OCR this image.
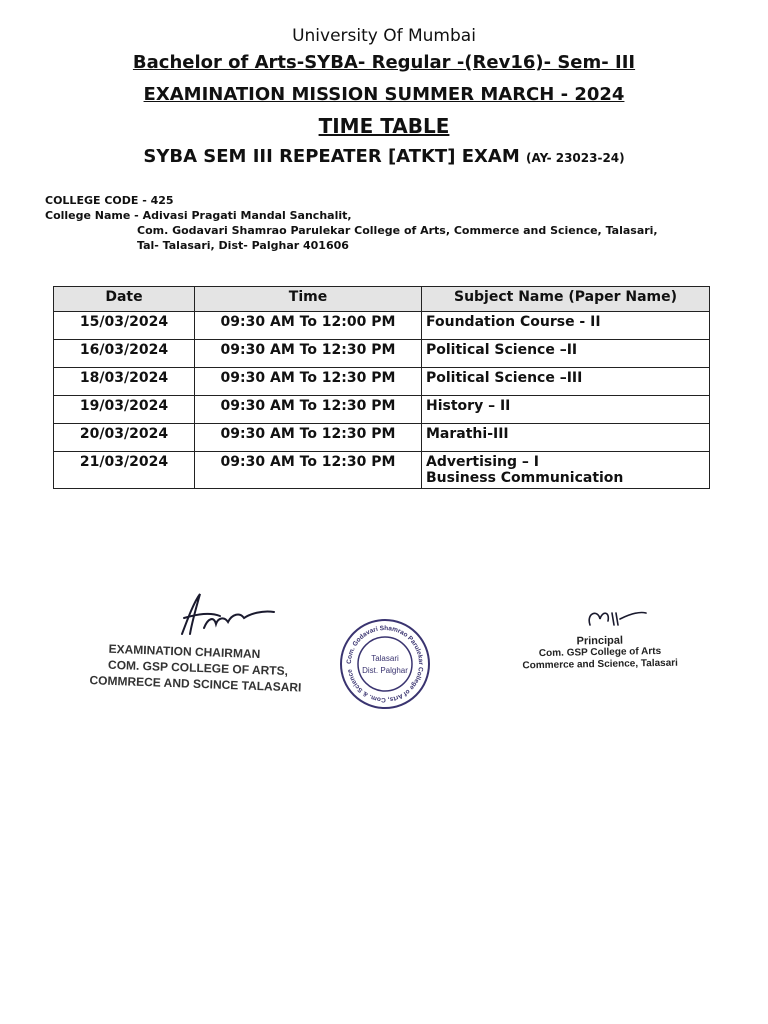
University Of Mumbai
Bachelor of Arts-SYBA- Regular -(Rev16)- Sem- III
EXAMINATION MISSION SUMMER MARCH - 2024
TIME TABLE
SYBA SEM III REPEATER [ATKT] EXAM (AY- 23023-24)
COLLEGE CODE - 425
College Name - Adivasi Pragati Mandal Sanchalit,
Com. Godavari Shamrao Parulekar College of Arts, Commerce and Science, Talasari,
Tal- Talasari, Dist- Palghar 401606
Date	Time	Subject Name (Paper Name)
15/03/2024	09:30 AM To 12:00 PM	Foundation Course - II
16/03/2024	09:30 AM To 12:30 PM	Political Science –II
18/03/2024	09:30 AM To 12:30 PM	Political Science –III
19/03/2024	09:30 AM To 12:30 PM	History – II
20/03/2024	09:30 AM To 12:30 PM	Marathi-III
21/03/2024	09:30 AM To 12:30 PM	Advertising – I
Business Communication
EXAMINATION CHAIRMAN
COM. GSP COLLEGE OF ARTS,
COMMRECE AND SCINCE TALASARI
Com. Godavari Shamrao Parulekar College of Arts, Com. & Science
Talasari
Dist. Palghar
Principal
Com. GSP College of Arts
Commerce and Science, Talasari
